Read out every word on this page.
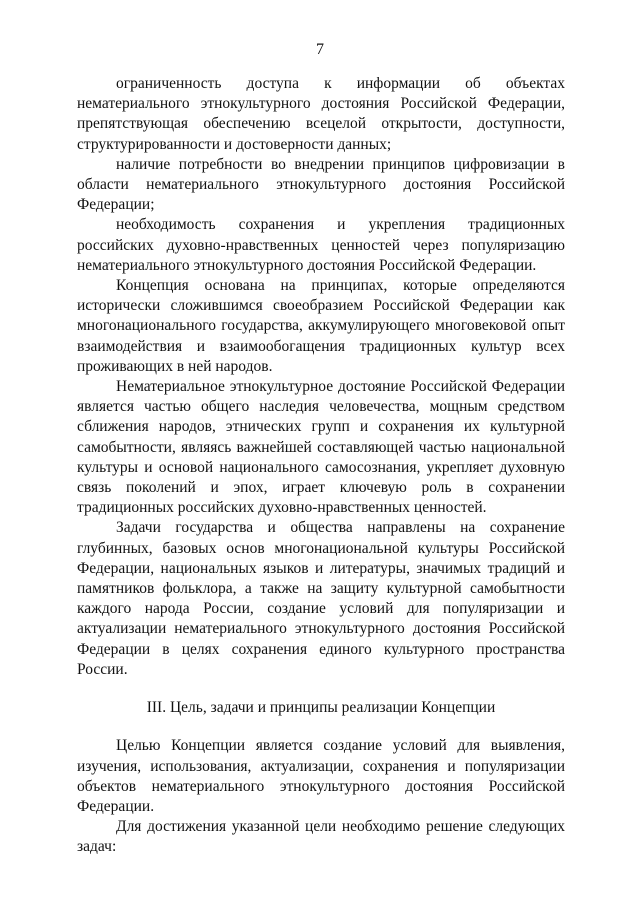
7

ограниченность доступа к информации об объектах нематериального этнокультурного достояния Российской Федерации, препятствующая обеспечению всецелой открытости, доступности, структурированности и достоверности данных;

наличие потребности во внедрении принципов цифровизации в области нематериального этнокультурного достояния Российской Федерации;

необходимость сохранения и укрепления традиционных российских духовно-нравственных ценностей через популяризацию нематериального этнокультурного достояния Российской Федерации.

Концепция основана на принципах, которые определяются исторически сложившимся своеобразием Российской Федерации как многонационального государства, аккумулирующего многовековой опыт взаимодействия и взаимообогащения традиционных культур всех проживающих в ней народов.

Нематериальное этнокультурное достояние Российской Федерации является частью общего наследия человечества, мощным средством сближения народов, этнических групп и сохранения их культурной самобытности, являясь важнейшей составляющей частью национальной культуры и основой национального самосознания, укрепляет духовную связь поколений и эпох, играет ключевую роль в сохранении традиционных российских духовно-нравственных ценностей.

Задачи государства и общества направлены на сохранение глубинных, базовых основ многонациональной культуры Российской Федерации, национальных языков и литературы, значимых традиций и памятников фольклора, а также на защиту культурной самобытности каждого народа России, создание условий для популяризации и актуализации нематериального этнокультурного достояния Российской Федерации в целях сохранения единого культурного пространства России.

III. Цель, задачи и принципы реализации Концепции

Целью Концепции является создание условий для выявления, изучения, использования, актуализации, сохранения и популяризации объектов нематериального этнокультурного достояния Российской Федерации.

Для достижения указанной цели необходимо решение следующих задач:
